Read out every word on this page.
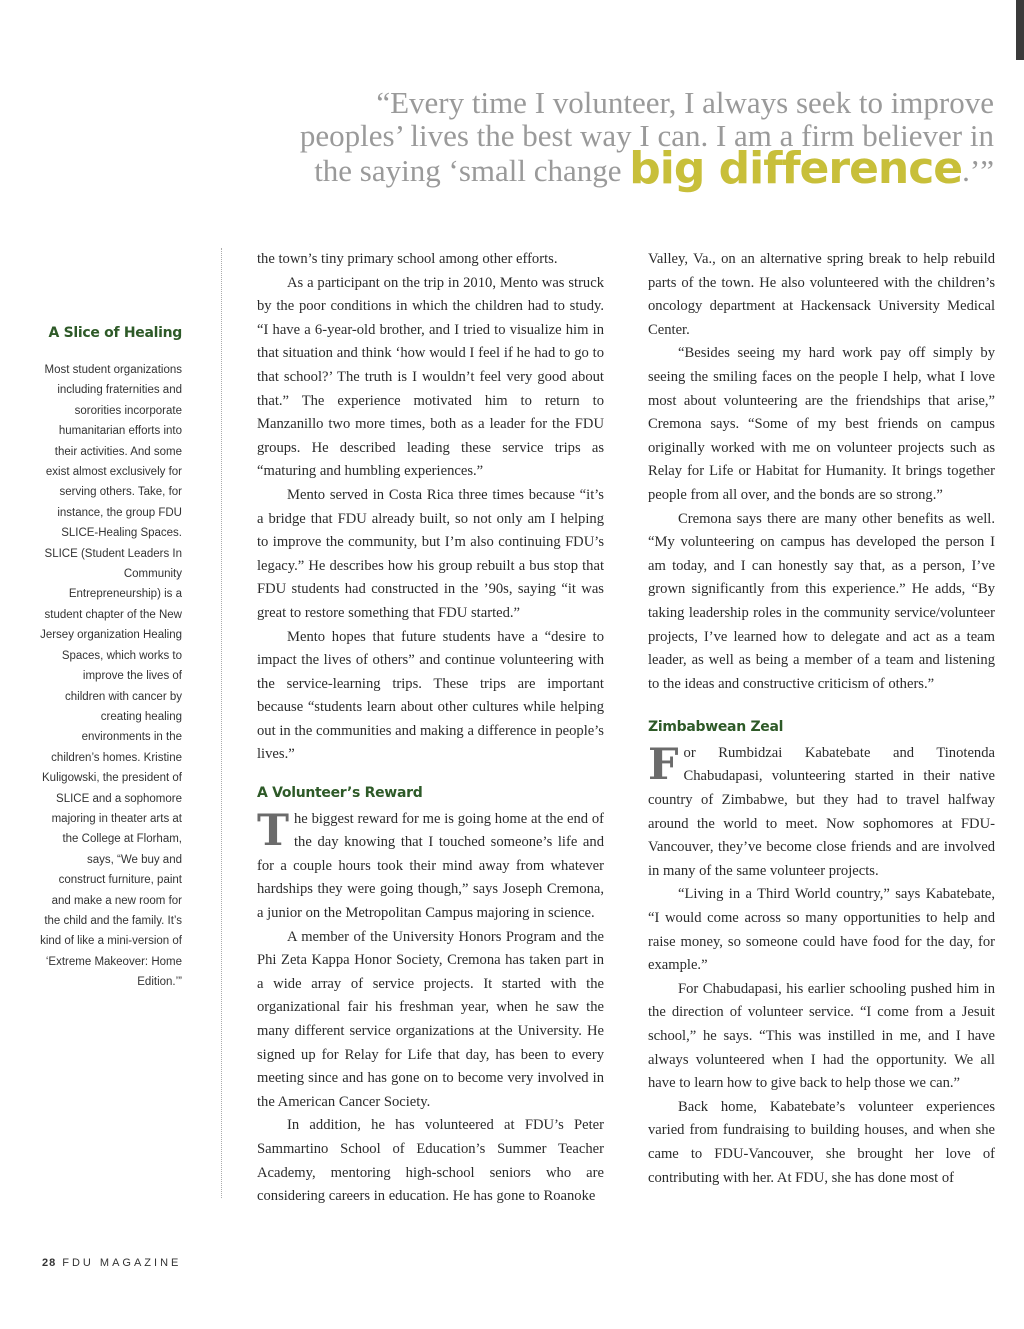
“Every time I volunteer, I always seek to improve peoples’ lives the best way I can. I am a firm believer in the saying ‘small change big difference.’”
A Slice of Healing

Most student organizations including fraternities and sororities incorporate humanitarian efforts into their activities. And some exist almost exclusively for serving others. Take, for instance, the group FDU SLICE-Healing Spaces. SLICE (Student Leaders In Community Entrepreneurship) is a student chapter of the New Jersey organization Healing Spaces, which works to improve the lives of children with cancer by creating healing environments in the children’s homes. Kristine Kuligowski, the president of SLICE and a sophomore majoring in theater arts at the College at Florham, says, “We buy and construct furniture, paint and make a new room for the child and the family. It’s kind of like a mini-version of ‘Extreme Makeover: Home Edition.’”

the town’s tiny primary school among other efforts.

As a participant on the trip in 2010, Mento was struck by the poor conditions in which the children had to study. “I have a 6-year-old brother, and I tried to visualize him in that situation and think ‘how would I feel if he had to go to that school?’ The truth is I wouldn’t feel very good about that.” The experience motivated him to return to Manzanillo two more times, both as a leader for the FDU groups. He described leading these service trips as “maturing and humbling experiences.”

Mento served in Costa Rica three times because “it’s a bridge that FDU already built, so not only am I helping to improve the community, but I’m also continuing FDU’s legacy.” He describes how his group rebuilt a bus stop that FDU students had constructed in the ’90s, saying “it was great to restore something that FDU started.”

Mento hopes that future students have a “desire to impact the lives of others” and continue volunteering with the service-learning trips. These trips are important because “students learn about other cultures while helping out in the communities and making a difference in people’s lives.”

A Volunteer’s Reward

The biggest reward for me is going home at the end of the day knowing that I touched someone’s life and for a couple hours took their mind away from whatever hardships they were going though,” says Joseph Cremona, a junior on the Metropolitan Campus majoring in science.

A member of the University Honors Program and the Phi Zeta Kappa Honor Society, Cremona has taken part in a wide array of service projects. It started with the organizational fair his freshman year, when he saw the many different service organizations at the University. He signed up for Relay for Life that day, has been to every meeting since and has gone on to become very involved in the American Cancer Society.

In addition, he has volunteered at FDU’s Peter Sammartino School of Education’s Summer Teacher Academy, mentoring high-school seniors who are considering careers in education. He has gone to Roanoke

Valley, Va., on an alternative spring break to help rebuild parts of the town. He also volunteered with the children’s oncology department at Hackensack University Medical Center.

“Besides seeing my hard work pay off simply by seeing the smiling faces on the people I help, what I love most about volunteering are the friendships that arise,” Cremona says. “Some of my best friends on campus originally worked with me on volunteer projects such as Relay for Life or Habitat for Humanity. It brings together people from all over, and the bonds are so strong.”

Cremona says there are many other benefits as well. “My volunteering on campus has developed the person I am today, and I can honestly say that, as a person, I’ve grown significantly from this experience.” He adds, “By taking leadership roles in the community service/volunteer projects, I’ve learned how to delegate and act as a team leader, as well as being a member of a team and listening to the ideas and constructive criticism of others.”

Zimbabwean Zeal

For Rumbidzai Kabatebate and Tinotenda Chabudapasi, volunteering started in their native country of Zimbabwe, but they had to travel halfway around the world to meet. Now sophomores at FDU-Vancouver, they’ve become close friends and are involved in many of the same volunteer projects.

“Living in a Third World country,” says Kabatebate, “I would come across so many opportunities to help and raise money, so someone could have food for the day, for example.”

For Chabudapasi, his earlier schooling pushed him in the direction of volunteer service. “I come from a Jesuit school,” he says. “This was instilled in me, and I have always volunteered when I had the opportunity. We all have to learn how to give back to help those we can.”

Back home, Kabatebate’s volunteer experiences varied from fundraising to building houses, and when she came to FDU-Vancouver, she brought her love of contributing with her. At FDU, she has done most of

28 FDU MAGAZINE
